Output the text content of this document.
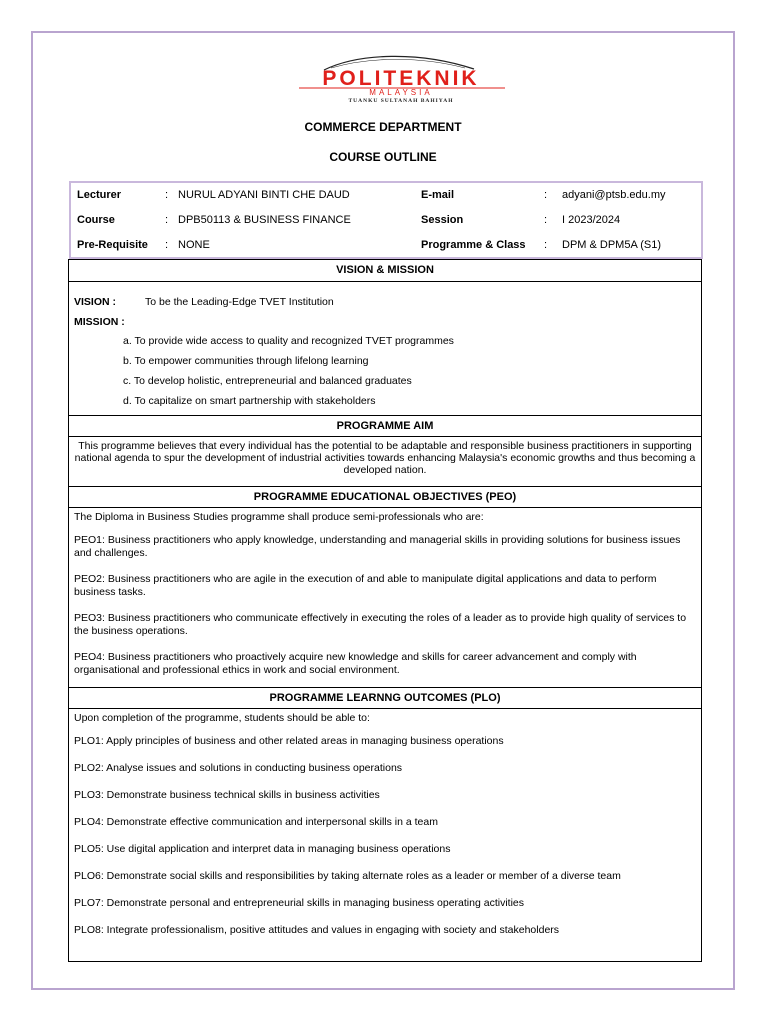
POLITEKNIK
MALAYSIA
TUANKU SULTANAH BAHIYAH
COMMERCE DEPARTMENT
COURSE OUTLINE
Lecturer	: NURUL ADYANI BINTI CHE DAUD	E-mail	: adyani@ptsb.edu.my
Course	: DPB50113 & BUSINESS FINANCE	Session	: I 2023/2024
Pre-Requisite : NONE	Programme & Class : DPM & DPM5A (S1)
VISION & MISSION
VISION :	To be the Leading-Edge TVET Institution
MISSION :
a. To provide wide access to quality and recognized TVET programmes
b. To empower communities through lifelong learning
c. To develop holistic, entrepreneurial and balanced graduates
d. To capitalize on smart partnership with stakeholders
PROGRAMME AIM
This programme believes that every individual has the potential to be adaptable and responsible business practitioners in supporting national agenda to spur the development of industrial activities towards enhancing Malaysia's economic growths and thus becoming a developed nation.
PROGRAMME EDUCATIONAL OBJECTIVES (PEO)
The Diploma in Business Studies programme shall produce semi-professionals who are:
PEO1: Business practitioners who apply knowledge, understanding and managerial skills in providing solutions for business issues and challenges.
PEO2: Business practitioners who are agile in the execution of and able to manipulate digital applications and data to perform business tasks.
PEO3: Business practitioners who communicate effectively in executing the roles of a leader as to provide high quality of services to the business operations.
PEO4: Business practitioners who proactively acquire new knowledge and skills for career advancement and comply with organisational and professional ethics in work and social environment.
PROGRAMME LEARNNG OUTCOMES (PLO)
Upon completion of the programme, students should be able to:
PLO1: Apply principles of business and other related areas in managing business operations
PLO2: Analyse issues and solutions in conducting business operations
PLO3: Demonstrate business technical skills in business activities
PLO4: Demonstrate effective communication and interpersonal skills in a team
PLO5: Use digital application and interpret data in managing business operations
PLO6: Demonstrate social skills and responsibilities by taking alternate roles as a leader or member of a diverse team
PLO7: Demonstrate personal and entrepreneurial skills in managing business operating activities
PLO8: Integrate professionalism, positive attitudes and values in engaging with society and stakeholders
